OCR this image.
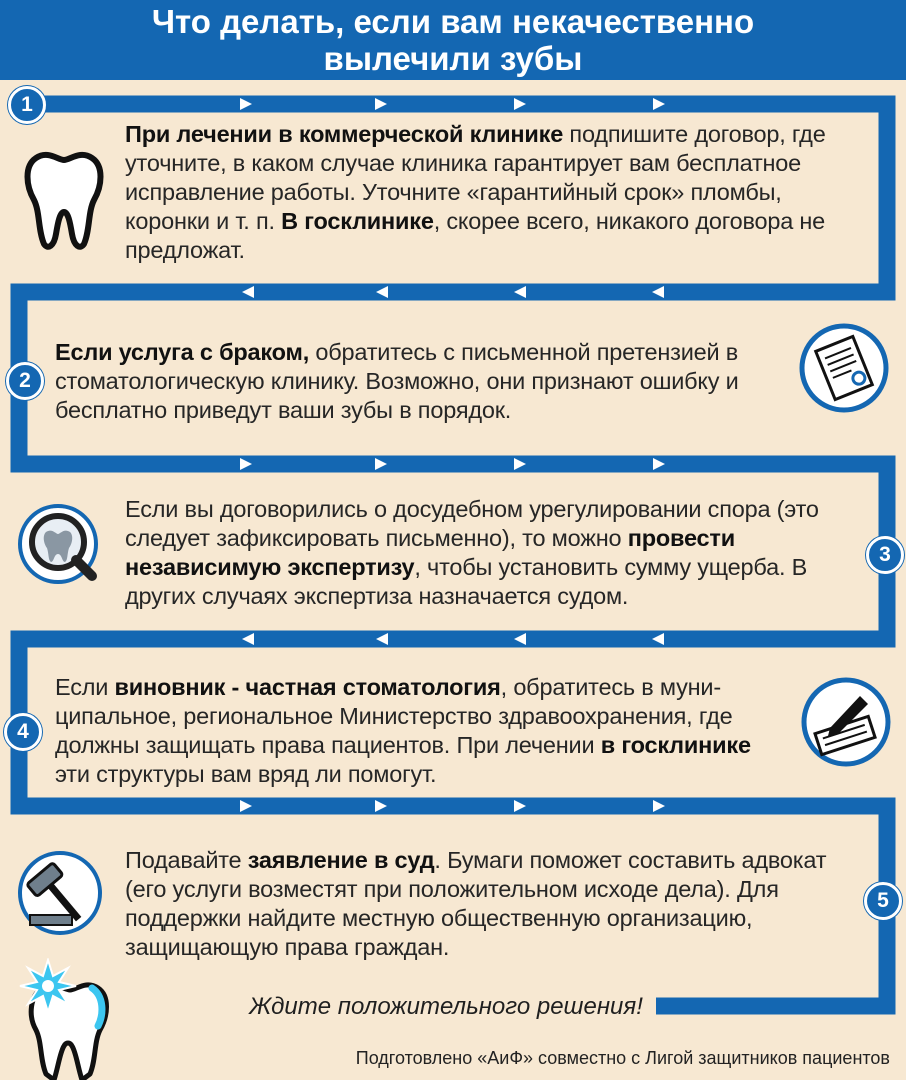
Что делать, если вам некачественно
вылечили зубы
1
2
3
4
5
При лечении в коммерческой клинике подпишите договор, где уточните, в каком случае клиника гарантирует вам бесплатное исправление работы. Уточните «гарантийный срок» пломбы, коронки и т. п. В госклинике, скорее всего, никакого договора не предложат.
Если услуга с браком, обратитесь с письменной претензией в стоматологическую клинику. Возможно, они признают ошибку и бесплатно приведут ваши зубы в порядок.
Если вы договорились о досудебном урегулировании спора (это следует зафиксировать письменно), то можно провести независимую экспертизу, чтобы установить сумму ущерба. В других случаях экспертиза назначается судом.
Если виновник - частная стоматология, обратитесь в муниципальное, региональное Министерство здравоохранения, где должны защищать права пациентов. При лечении в госклинике эти структуры вам вряд ли помогут.
Подавайте заявление в суд. Бумаги поможет составить адвокат (его услуги возместят при положительном исходе дела). Для поддержки найдите местную общественную организацию, защищающую права граждан.
Ждите положительного решения!
Подготовлено «АиФ» совместно с Лигой защитников пациентов
